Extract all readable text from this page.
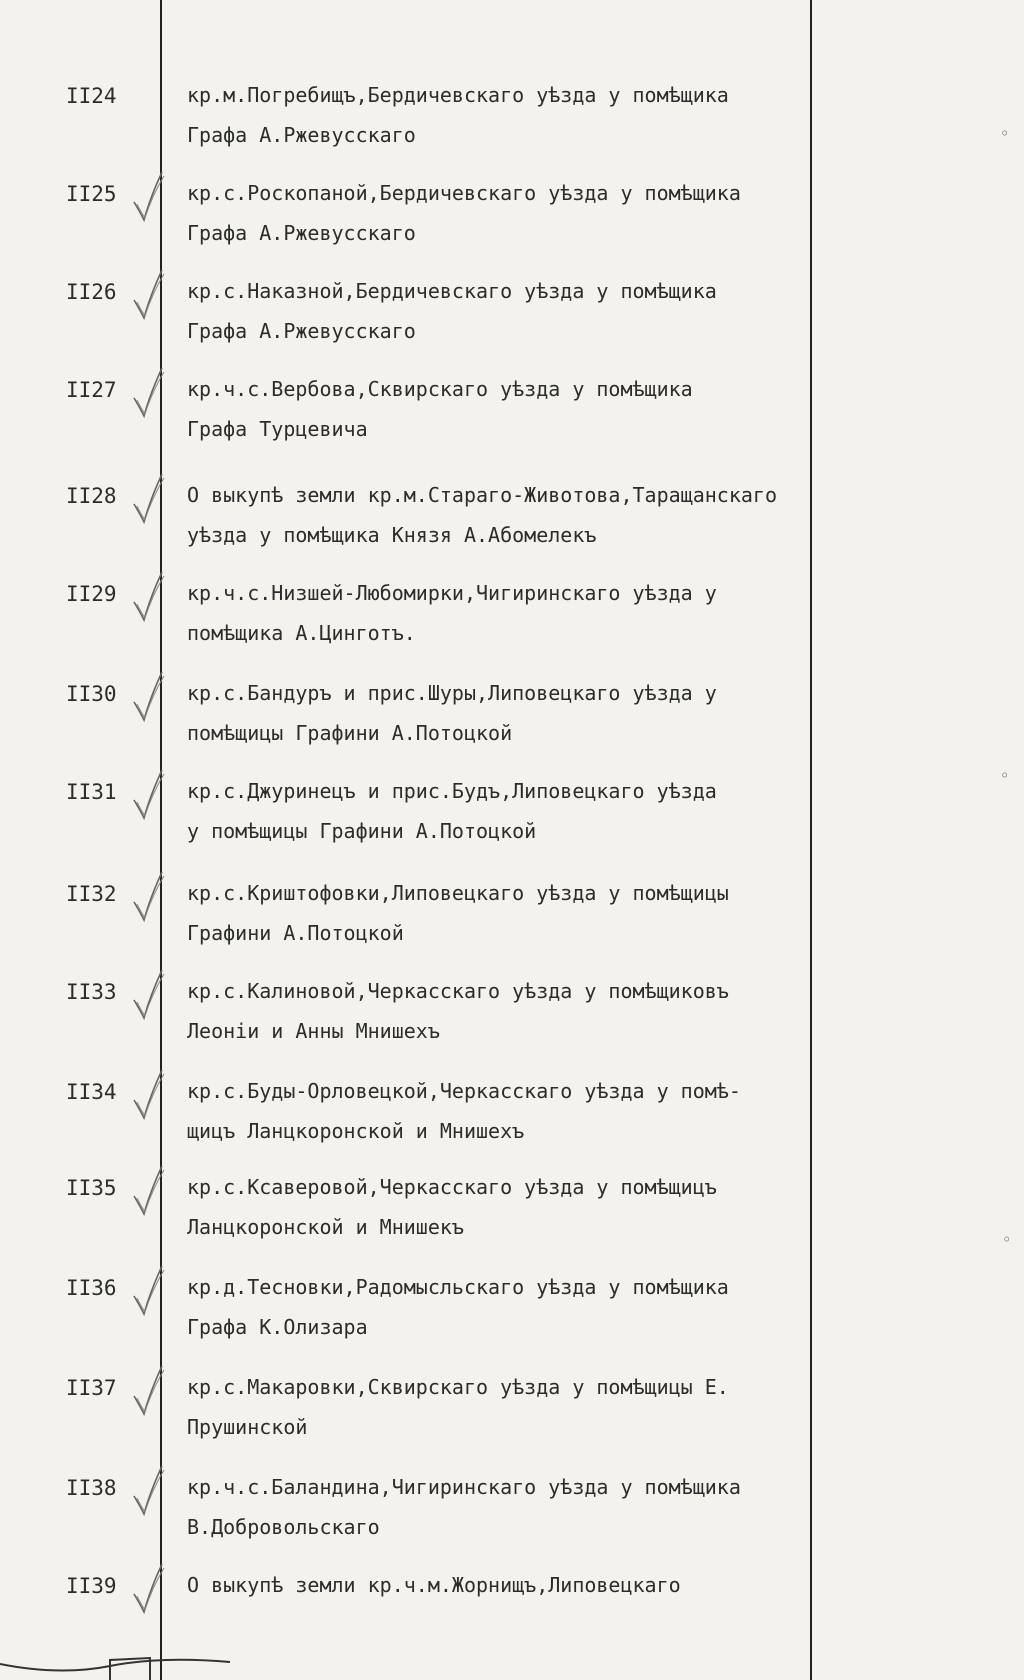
II24	кр.м.Погребищъ,Бердичевскаго уѣзда у помѣщика
Графа А.Ржевусскаго
II25	кр.с.Роскопаной,Бердичевскаго уѣзда у помѣщика
Графа А.Ржевусскаго
II26	кр.с.Наказной,Бердичевскаго уѣзда у помѣщика
Графа А.Ржевусскаго
II27	кр.ч.с.Вербова,Сквирскаго уѣзда у помѣщика
Графа Турцевича
II28	О выкупѣ земли кр.м.Стараго-Животова,Таращанскаго
уѣзда у помѣщика Князя А.Абомелекъ
II29	кр.ч.с.Низшей-Любомирки,Чигиринскаго уѣзда у
помѣщика А.Цинготъ.
II30	кр.с.Бандуръ и прис.Шуры,Липовецкаго уѣзда у
помѣщицы Графини А.Потоцкой
II31	кр.с.Джуринецъ и прис.Будъ,Липовецкаго уѣзда
у помѣщицы Графини А.Потоцкой
II32	кр.с.Криштофовки,Липовецкаго уѣзда у помѣщицы
Графини А.Потоцкой
II33	кр.с.Калиновой,Черкасскаго уѣзда у помѣщиковъ
Леонiи и Анны Мнишехъ
II34	кр.с.Буды-Орловецкой,Черкасскаго уѣзда у помѣ-
щицъ Ланцкоронской и Мнишехъ
II35	кр.с.Ксаверовой,Черкасскаго уѣзда у помѣщицъ
Ланцкоронской и Мнишекъ
II36	кр.д.Тесновки,Радомысльскаго уѣзда у помѣщика
Графа К.Олизара
II37	кр.с.Макаровки,Сквирскаго уѣзда у помѣщицы Е.
Прушинской
II38	кр.ч.с.Баландина,Чигиринскаго уѣзда у помѣщика
В.Добровольскаго
II39	О выкупѣ земли кр.ч.м.Жорнищъ,Липовецкаго
◦
◦
◦
